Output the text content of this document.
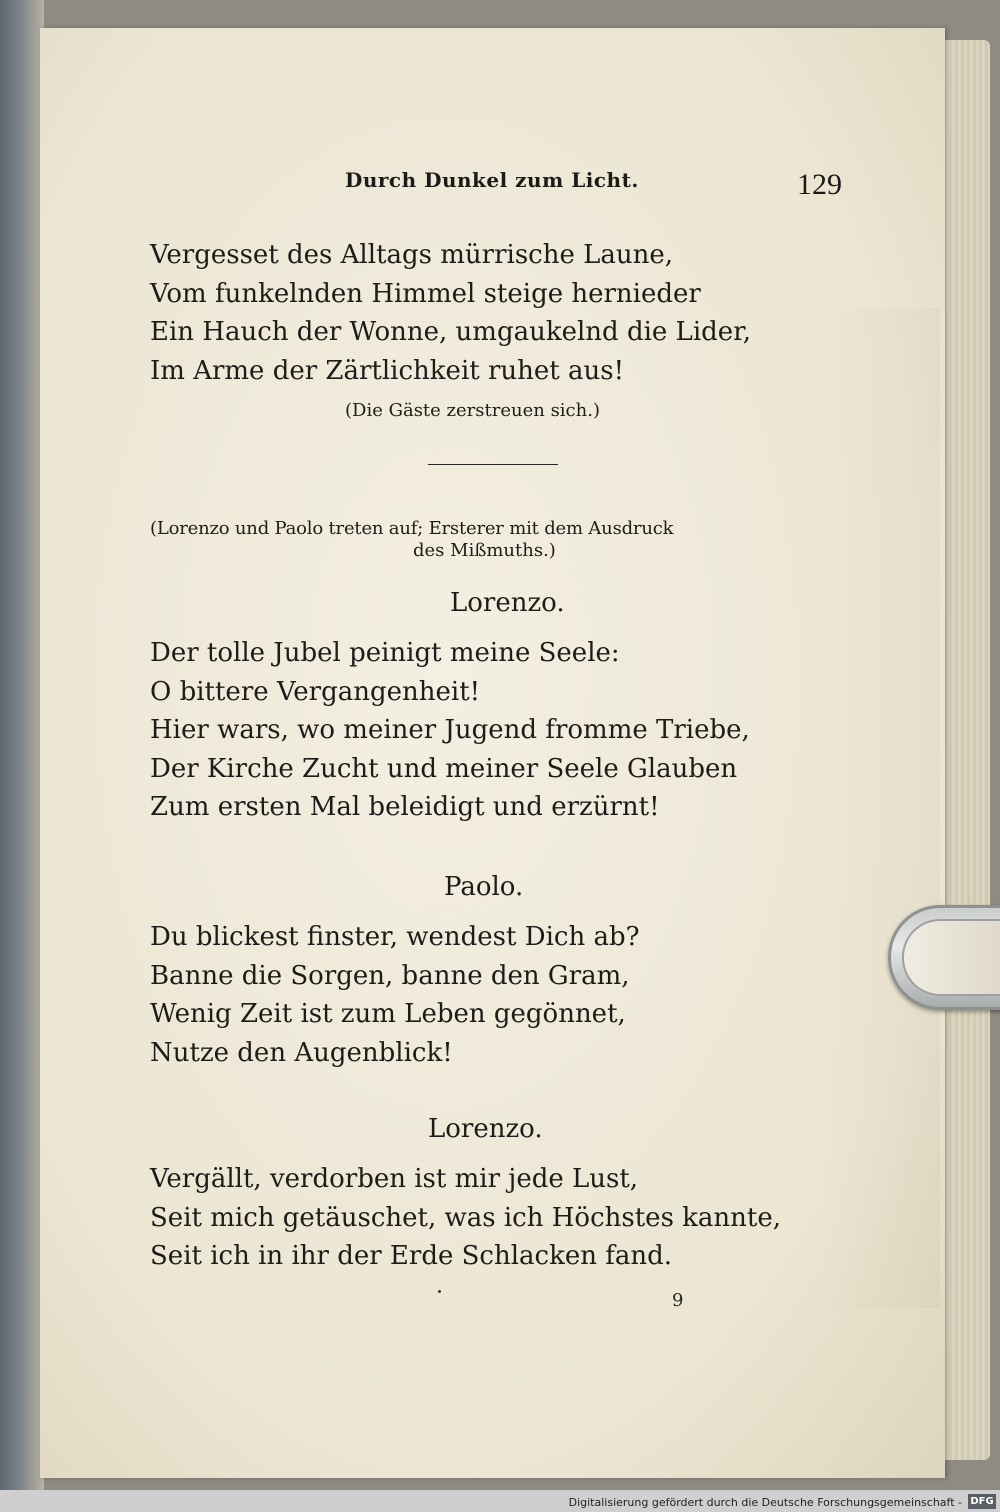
Durch Dunkel zum Licht.	129
Vergesset des Alltags mürrische Laune,
Vom funkelnden Himmel steige hernieder
Ein Hauch der Wonne, umgaukelnd die Lider,
Im Arme der Zärtlichkeit ruhet aus!
(Die Gäste zerstreuen sich.)
(Lorenzo und Paolo treten auf; Ersterer mit dem Ausdruck
des Mißmuths.)
Lorenzo.
Der tolle Jubel peinigt meine Seele:
O bittere Vergangenheit!
Hier wars, wo meiner Jugend fromme Triebe,
Der Kirche Zucht und meiner Seele Glauben
Zum ersten Mal beleidigt und erzürnt!
Paolo.
Du blickest finster, wendest Dich ab?
Banne die Sorgen, banne den Gram,
Wenig Zeit ist zum Leben gegönnet,
Nutze den Augenblick!
Lorenzo.
Vergällt, verdorben ist mir jede Lust,
Seit mich getäuschet, was ich Höchstes kannte,
Seit ich in ihr der Erde Schlacken fand.
9
Digitalisierung gefördert durch die Deutsche Forschungsgemeinschaft - DFG
